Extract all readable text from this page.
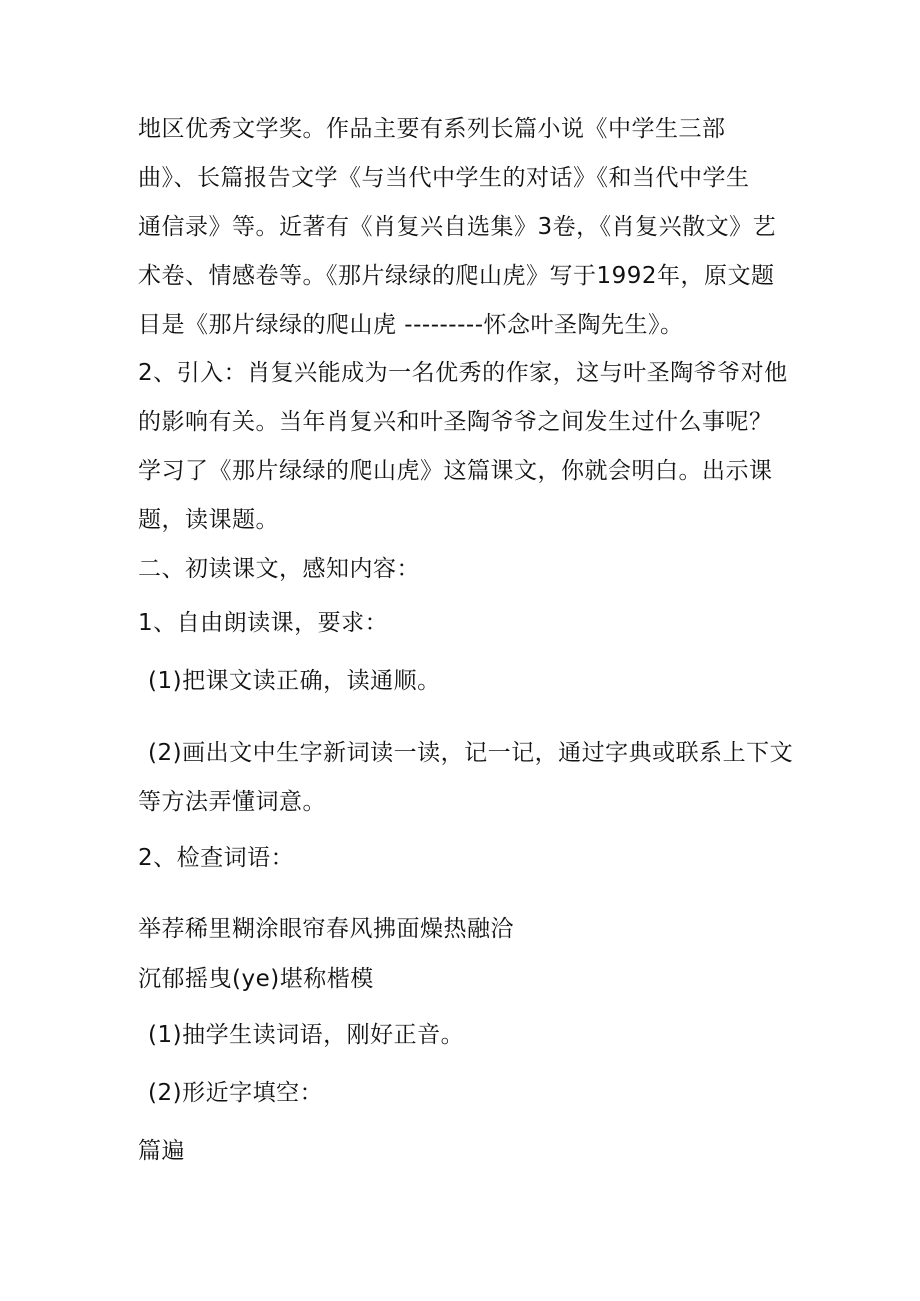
地区优秀文学奖。作品主要有系列长篇小说《中学生三部
曲》、长篇报告文学《与当代中学生的对话》《和当代中学生
通信录》等。近著有《肖复兴自选集》3卷，《肖复兴散文》艺
术卷、情感卷等。《那片绿绿的爬山虎》写于1992年，原文题
目是《那片绿绿的爬山虎 ---------怀念叶圣陶先生》。
2、引入：肖复兴能成为一名优秀的作家，这与叶圣陶爷爷对他
的影响有关。当年肖复兴和叶圣陶爷爷之间发生过什么事呢？
学习了《那片绿绿的爬山虎》这篇课文，你就会明白。出示课
题，读课题。
二、初读课文，感知内容：
1、自由朗读课，要求：
(1)把课文读正确，读通顺。
(2)画出文中生字新词读一读，记一记，通过字典或联系上下文
等方法弄懂词意。
2、检查词语：
举荐稀里糊涂眼帘春风拂面燥热融洽
沉郁摇曳(ye)堪称楷模
(1)抽学生读词语，刚好正音。
(2)形近字填空：
篇遍
